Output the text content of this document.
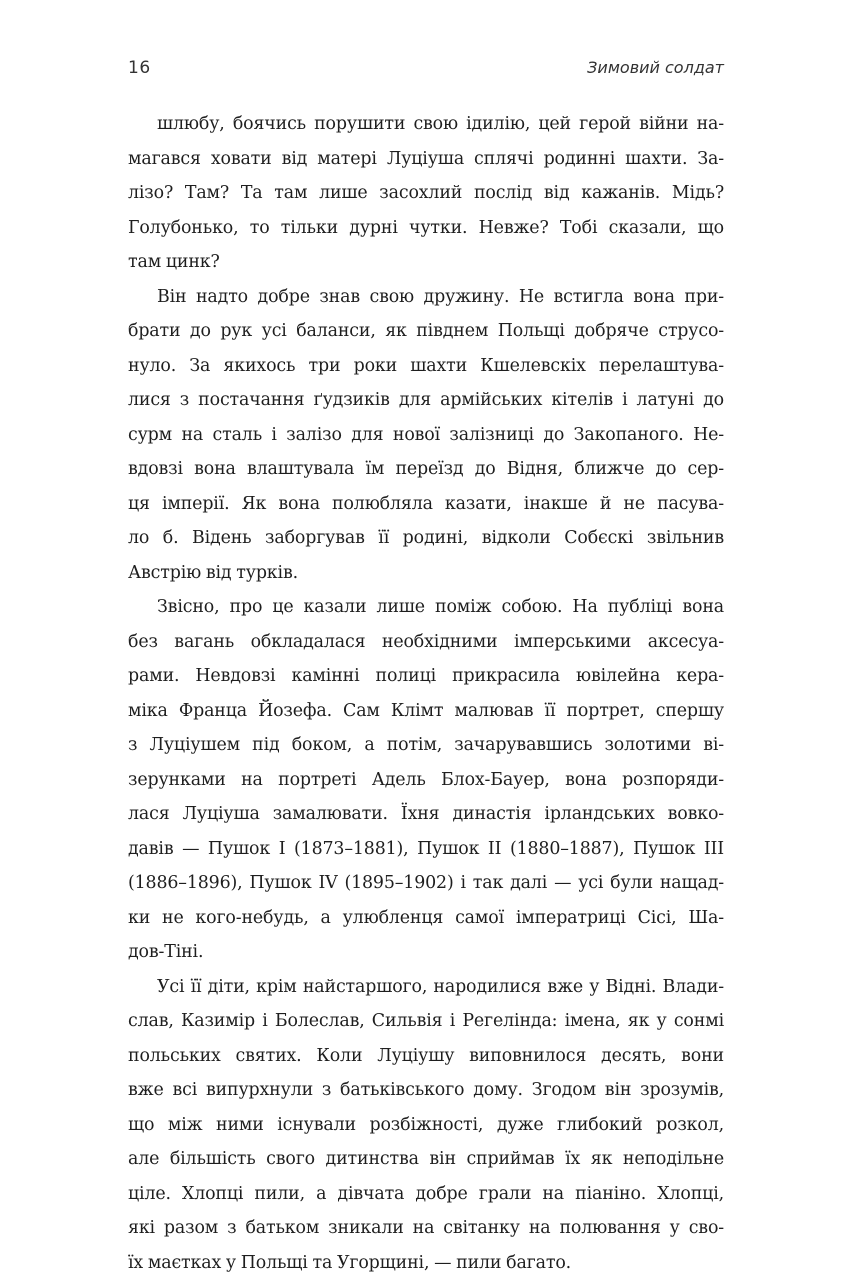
16	Зимовий солдат

шлюбу, боячись порушити свою ідилію, цей герой війни на-
магався ховати від матері Луціуша сплячі родинні шахти. За-
лізо? Там? Та там лише засохлий послід від кажанів. Мідь?
Голубонько, то тільки дурні чутки. Невже? Тобі сказали, що
там цинк?

Він надто добре знав свою дружину. Не встигла вона при-
брати до рук усі баланси, як півднем Польщі добряче струсо-
нуло. За якихось три роки шахти Кшелевскіх перелаштува-
лися з постачання ґудзиків для армійських кітелів і латуні до
сурм на сталь і залізо для нової залізниці до Закопаного. Не-
вдовзі вона влаштувала їм переїзд до Відня, ближче до сер-
ця імперії. Як вона полюбляла казати, інакше й не пасува-
ло б. Відень заборгував її родині, відколи Собєскі звільнив
Австрію від турків.

Звісно, про це казали лише поміж собою. На публіці вона
без вагань обкладалася необхідними імперськими аксесуа-
рами. Невдовзі камінні полиці прикрасила ювілейна кера-
міка Франца Йозефа. Сам Клімт малював її портрет, спершу
з Луціушем під боком, а потім, зачарувавшись золотими ві-
зерунками на портреті Адель Блох-Бауер, вона розпоряди-
лася Луціуша замалювати. Їхня династія ірландських вовко-
давів — Пушок I (1873–1881), Пушок II (1880–1887), Пушок III
(1886–1896), Пушок IV (1895–1902) і так далі — усі були нащад-
ки не кого-небудь, а улюбленця самої імператриці Сісі, Ша-
дов-Тіні.

Усі її діти, крім найстаршого, народилися вже у Відні. Влади-
слав, Казимір і Болеслав, Сильвія і Регелінда: імена, як у сонмі
польських святих. Коли Луціушу виповнилося десять, вони
вже всі випурхнули з батьківського дому. Згодом він зрозумів,
що між ними існували розбіжності, дуже глибокий розкол,
але більшість свого дитинства він сприймав їх як неподільне
ціле. Хлопці пили, а дівчата добре грали на піаніно. Хлопці,
які разом з батьком зникали на світанку на полювання у сво-
їх маєтках у Польщі та Угорщині, — пили багато.
